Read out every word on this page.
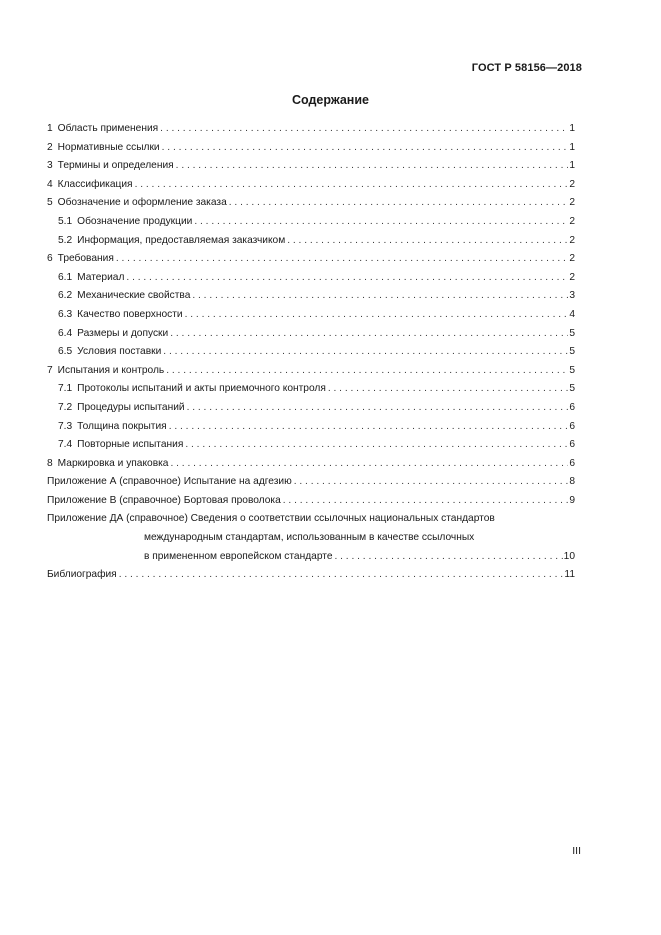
ГОСТ Р 58156—2018
Содержание
1 Область применения . . .	1
2 Нормативные ссылки . . .	1
3 Термины и определения . . .	1
4 Классификация . . .	2
5 Обозначение и оформление заказа . . .	2
5.1 Обозначение продукции . . .	2
5.2 Информация, предоставляемая заказчиком . . .	2
6 Требования . . .	2
6.1 Материал . . .	2
6.2 Механические свойства . . .	3
6.3 Качество поверхности . . .	4
6.4 Размеры и допуски . . .	5
6.5 Условия поставки . . .	5
7 Испытания и контроль . . .	5
7.1 Протоколы испытаний и акты приемочного контроля . . .	5
7.2 Процедуры испытаний . . .	6
7.3 Толщина покрытия . . .	6
7.4 Повторные испытания . . .	6
8 Маркировка и упаковка . . .	6
Приложение А (справочное) Испытание на адгезию . . .	8
Приложение В (справочное) Бортовая проволока . . .	9
Приложение ДА (справочное) Сведения о соответствии ссылочных национальных стандартов
международным стандартам, использованным в качестве ссылочных
в примененном европейском стандарте . . .	10
Библиография . . .	11
III
